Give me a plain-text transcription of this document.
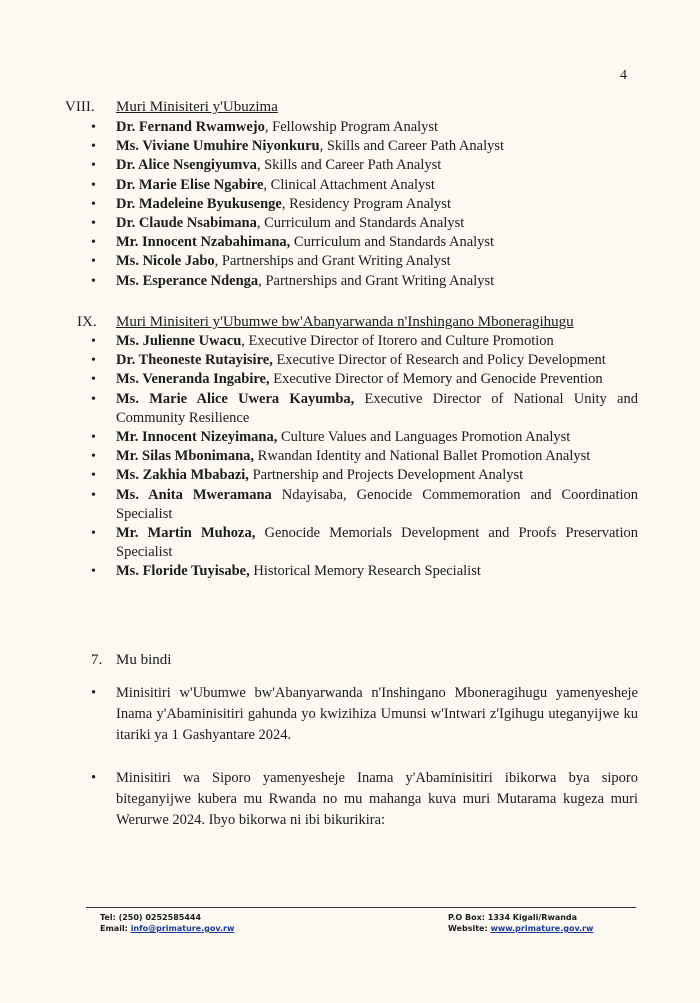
4
VIII. Muri Minisiteri y'Ubuzima
• Dr. Fernand Rwamwejo, Fellowship Program Analyst
• Ms. Viviane Umuhire Niyonkuru, Skills and Career Path Analyst
• Dr. Alice Nsengiyumva, Skills and Career Path Analyst
• Dr. Marie Elise Ngabire, Clinical Attachment Analyst
• Dr. Madeleine Byukusenge, Residency Program Analyst
• Dr. Claude Nsabimana, Curriculum and Standards Analyst
• Mr. Innocent Nzabahimana, Curriculum and Standards Analyst
• Ms. Nicole Jabo, Partnerships and Grant Writing Analyst
• Ms. Esperance Ndenga, Partnerships and Grant Writing Analyst
IX. Muri Minisiteri y'Ubumwe bw'Abanyarwanda n'Inshingano Mboneragihugu
• Ms. Julienne Uwacu, Executive Director of Itorero and Culture Promotion
• Dr. Theoneste Rutayisire, Executive Director of Research and Policy Development
• Ms. Veneranda Ingabire, Executive Director of Memory and Genocide Prevention
• Ms. Marie Alice Uwera Kayumba, Executive Director of National Unity and Community Resilience
• Mr. Innocent Nizeyimana, Culture Values and Languages Promotion Analyst
• Mr. Silas Mbonimana, Rwandan Identity and National Ballet Promotion Analyst
• Ms. Zakhia Mbabazi, Partnership and Projects Development Analyst
• Ms. Anita Mweramana Ndayisaba, Genocide Commemoration and Coordination Specialist
• Mr. Martin Muhoza, Genocide Memorials Development and Proofs Preservation Specialist
• Ms. Floride Tuyisabe, Historical Memory Research Specialist
7. Mu bindi

• Minisitiri w'Ubumwe bw'Abanyarwanda n'Inshingano Mboneragihugu yamenyesheje Inama y'Abaminisitiri gahunda yo kwizihiza Umunsi w'Intwari z'Igihugu uteganyijwe ku itariki ya 1 Gashyantare 2024.

• Minisitiri wa Siporo yamenyesheje Inama y'Abaminisitiri ibikorwa bya siporo biteganyijwe kubera mu Rwanda no mu mahanga kuva muri Mutarama kugeza muri Werurwe 2024. Ibyo bikorwa ni ibi bikurikira:

Tel: (250) 0252585444
Email: info@primature.gov.rw
P.O Box: 1334 Kigali/Rwanda
Website: www.primature.gov.rw
